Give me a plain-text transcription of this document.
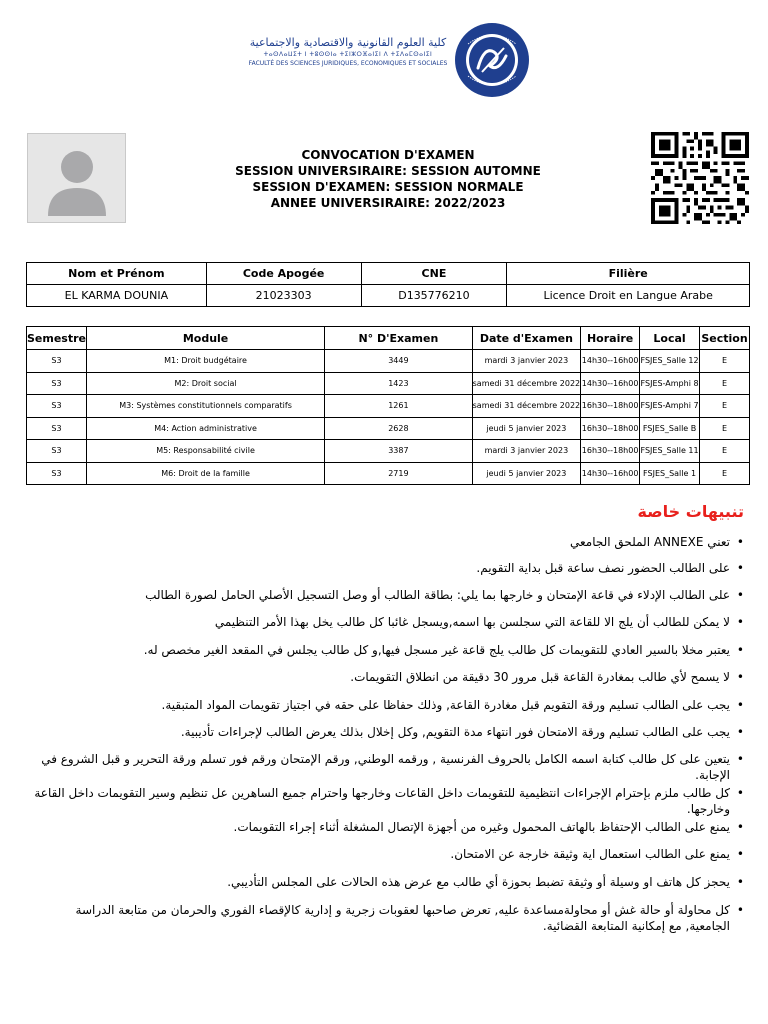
كلية العلوم القانونية والاقتصادية والاجتماعية
ⵜⴰⵙⴷⴰⵡⵉⵜ ⵏ ⵜⵓⵙⵙⵏⴰ ⵜⵉⵏⵣⵔⴼⴰⵏⵉⵏ ⴷ ⵜⵉⴷⴰⵎⵙⴰⵏⵉⵏ
FACULTÉ DES SCIENCES JURIDIQUES, ECONOMIQUES ET SOCIALES
CONVOCATION D'EXAMEN
SESSION UNIVERSIRAIRE: SESSION AUTOMNE
SESSION D'EXAMEN: SESSION NORMALE
ANNEE UNIVERSIRAIRE: 2022/2023
Nom et Prénom	Code Apogée	CNE	Filière
EL KARMA DOUNIA	21023303	D135776210	Licence Droit en Langue Arabe
Semestre	Module	N° D'Examen	Date d'Examen	Horaire	Local	Section
S3	M1: Droit budgétaire	3449	mardi 3 janvier 2023	14h30--16h00	FSJES_Salle 12	E
S3	M2: Droit social	1423	samedi 31 décembre 2022	14h30--16h00	FSJES-Amphi 8	E
S3	M3: Systèmes constitutionnels comparatifs	1261	samedi 31 décembre 2022	16h30--18h00	FSJES-Amphi 7	E
S3	M4: Action administrative	2628	jeudi 5 janvier 2023	16h30--18h00	FSJES_Salle B	E
S3	M5: Responsabilité civile	3387	mardi 3 janvier 2023	16h30--18h00	FSJES_Salle 11	E
S3	M6: Droit de la famille	2719	jeudi 5 janvier 2023	14h30--16h00	FSJES_Salle 1	E
تنبيهات خاصة
• تعني ANNEXE الملحق الجامعي
• على الطالب الحضور نصف ساعة قبل بداية التقويم.
• على الطالب الإدلاء في قاعة الإمتحان و خارجها بما يلي: بطاقة الطالب أو وصل التسجيل الأصلي الحامل لصورة الطالب
• لا يمكن للطالب أن يلج الا للقاعة التي سجلسن بها اسمه,ويسجل غائبا كل طالب يخل بهذا الأمر التنظيمي
• يعتبر مخلا بالسير العادي للتقويمات كل طالب يلج قاعة غير مسجل فيها,و كل طالب يجلس في المقعد الغير مخصص له.
• لا يسمح لأي طالب بمغادرة القاعة قبل مرور 30 دقيقة من انطلاق التقويمات.
• يجب على الطالب تسليم ورقة التقويم قبل مغادرة القاعة, وذلك حفاظا على حقه في اجتياز تقويمات المواد المتبقية.
• يجب على الطالب تسليم ورقة الامتحان فور انتهاء مدة التقويم, وكل إخلال بذلك يعرض الطالب لإجراءات تأديبية.
• يتعين على كل طالب كتابة اسمه الكامل بالحروف الفرنسية , ورقمه الوطني, ورقم الإمتحان ورقم فور تسلم ورقة التحرير و قبل الشروع في الإجابة.
• كل طالب ملزم بإحترام الإجراءات انتظيمية للتقويمات داخل القاعات وخارجها واحترام جميع الساهرين عل تنظيم وسير التقويمات داخل القاعة وخارجها.
• يمنع على الطالب الإحتفاظ بالهاتف المحمول وغيره من أجهزة الإتصال المشغلة أثناء إجراء التقويمات.
• يمنع على الطالب استعمال اية وثيقة خارجة عن الامتحان.
• يحجز كل هاتف او وسيلة أو وثيقة تضبط بحوزة أي طالب مع عرض هذه الحالات على المجلس التأديبي.
• كل محاولة أو حالة غش أو محاولةمساعدة عليه, تعرض صاحبها لعقوبات زجرية و إدارية كالإقصاء الفوري والحرمان من متابعة الدراسة الجامعية, مع إمكانية المتابعة القضائية.
